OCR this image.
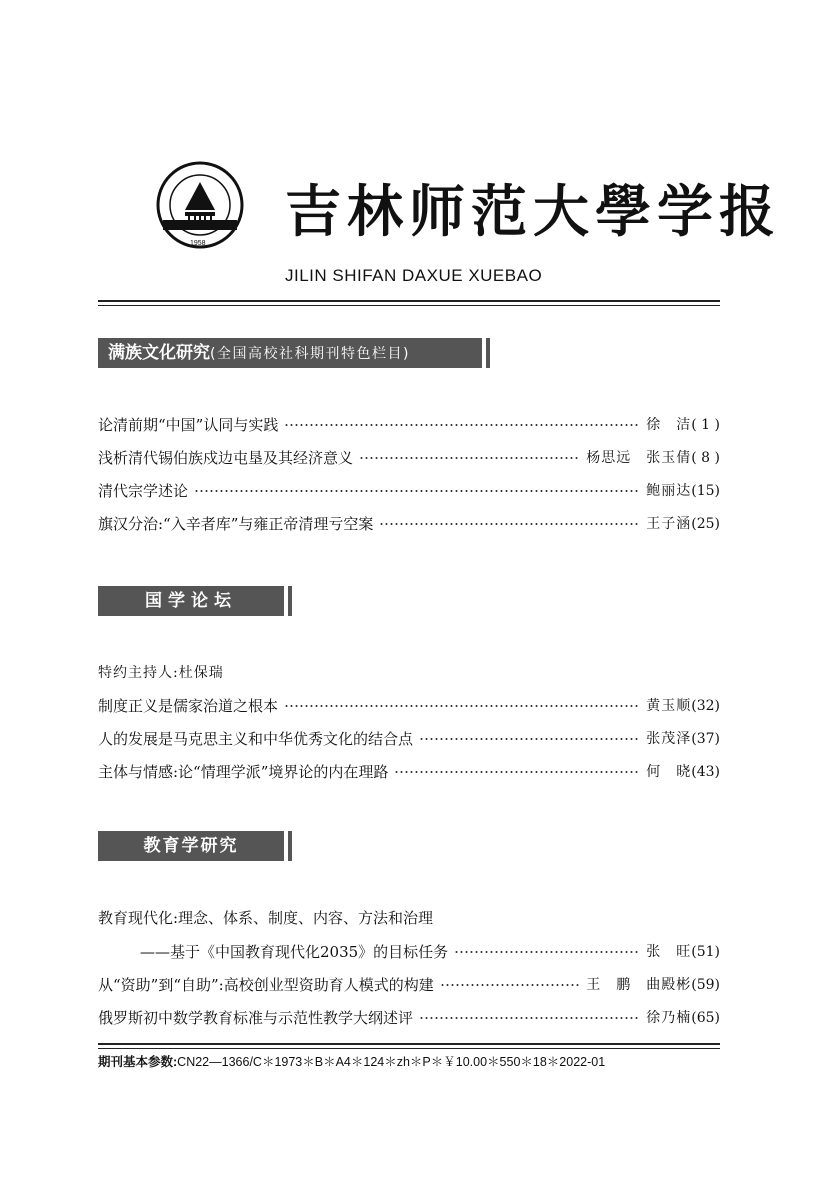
1958 吉林师范大學学报
JILIN SHIFAN DAXUE XUEBAO
满族文化研究(全国高校社科期刊特色栏目)
论清前期“中国”认同与实践	徐　洁 ( 1 )
浅析清代锡伯族戍边屯垦及其经济意义	杨思远　张玉倩 ( 8 )
清代宗学述论	鲍丽达 (15)
旗汉分治:“入辛者库”与雍正帝清理亏空案	王子涵 (25)
国学论坛
特约主持人:杜保瑞
制度正义是儒家治道之根本	黄玉顺 (32)
人的发展是马克思主义和中华优秀文化的结合点	张茂泽 (37)
主体与情感:论“情理学派”境界论的内在理路	何　晓 (43)
教育学研究
教育现代化:理念、体系、制度、内容、方法和治理
——基于《中国教育现代化2035》的目标任务	张　旺 (51)
从“资助”到“自助”:高校创业型资助育人模式的构建	王　鹏　曲殿彬 (59)
俄罗斯初中数学教育标准与示范性教学大纲述评	徐乃楠 (65)
期刊基本参数:CN22—1366/C＊1973＊B＊A4＊124＊zh＊P＊￥10.00＊550＊18＊2022-01
